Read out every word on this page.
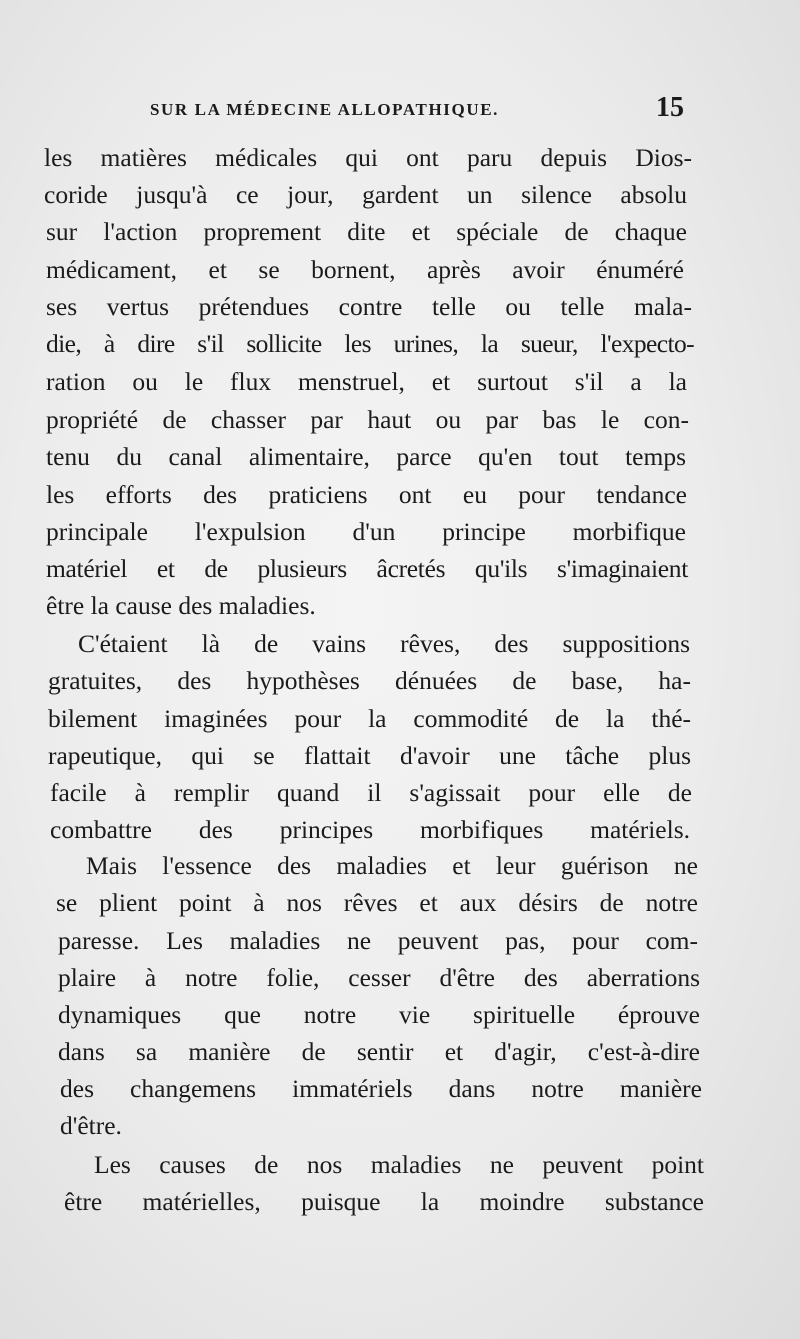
SUR LA MÉDECINE ALLOPATHIQUE.	15
les matières médicales qui ont paru depuis Dios-
coride jusqu'à ce jour, gardent un silence absolu
sur l'action proprement dite et spéciale de chaque
médicament, et se bornent, après avoir énuméré
ses vertus prétendues contre telle ou telle mala-
die, à dire s'il sollicite les urines, la sueur, l'expecto-
ration ou le flux menstruel, et surtout s'il a la
propriété de chasser par haut ou par bas le con-
tenu du canal alimentaire, parce qu'en tout temps
les efforts des praticiens ont eu pour tendance
principale l'expulsion d'un principe morbifique
matériel et de plusieurs âcretés qu'ils s'imaginaient
être la cause des maladies.
C'étaient là de vains rêves, des suppositions
gratuites, des hypothèses dénuées de base, ha-
bilement imaginées pour la commodité de la thé-
rapeutique, qui se flattait d'avoir une tâche plus
facile à remplir quand il s'agissait pour elle de
combattre des principes morbifiques matériels.
Mais l'essence des maladies et leur guérison ne
se plient point à nos rêves et aux désirs de notre
paresse. Les maladies ne peuvent pas, pour com-
plaire à notre folie, cesser d'être des aberrations
dynamiques que notre vie spirituelle éprouve
dans sa manière de sentir et d'agir, c'est-à-dire
des changemens immatériels dans notre manière
d'être.
Les causes de nos maladies ne peuvent point
être matérielles, puisque la moindre substance
